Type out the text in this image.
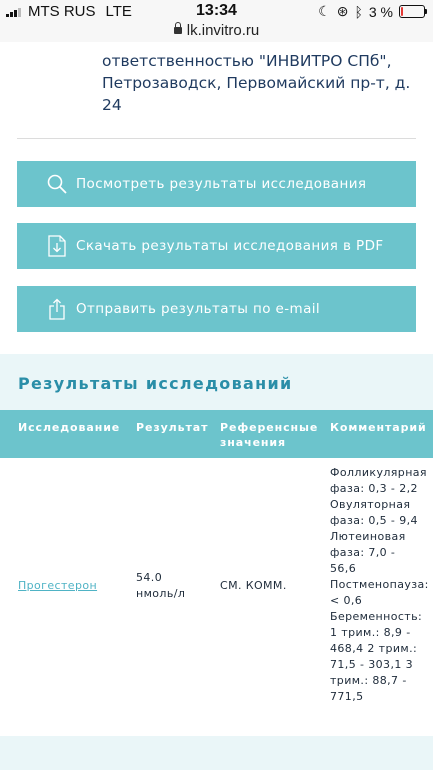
MTS RUS LTE	13:34	☾ ⊛ ᛒ 3 %
lk.invitro.ru
ответственностью "ИНВИТРО СПб", Петрозаводск, Первомайский пр-т, д. 24
Посмотреть результаты исследования
Скачать результаты исследования в PDF
Отправить результаты по e-mail
Результаты исследований
Исследование Результат Референсные значения
Комментарий
Прогестерон
54.0 нмоль/л
СМ. КОММ.
Фолликулярная фаза: 0,3 - 2,2 Овуляторная фаза: 0,5 - 9,4 Лютеиновая фаза: 7,0 - 56,6 Постменопауза: < 0,6 Беременность: 1 трим.: 8,9 - 468,4 2 трим.: 71,5 - 303,1 3 трим.: 88,7 - 771,5
